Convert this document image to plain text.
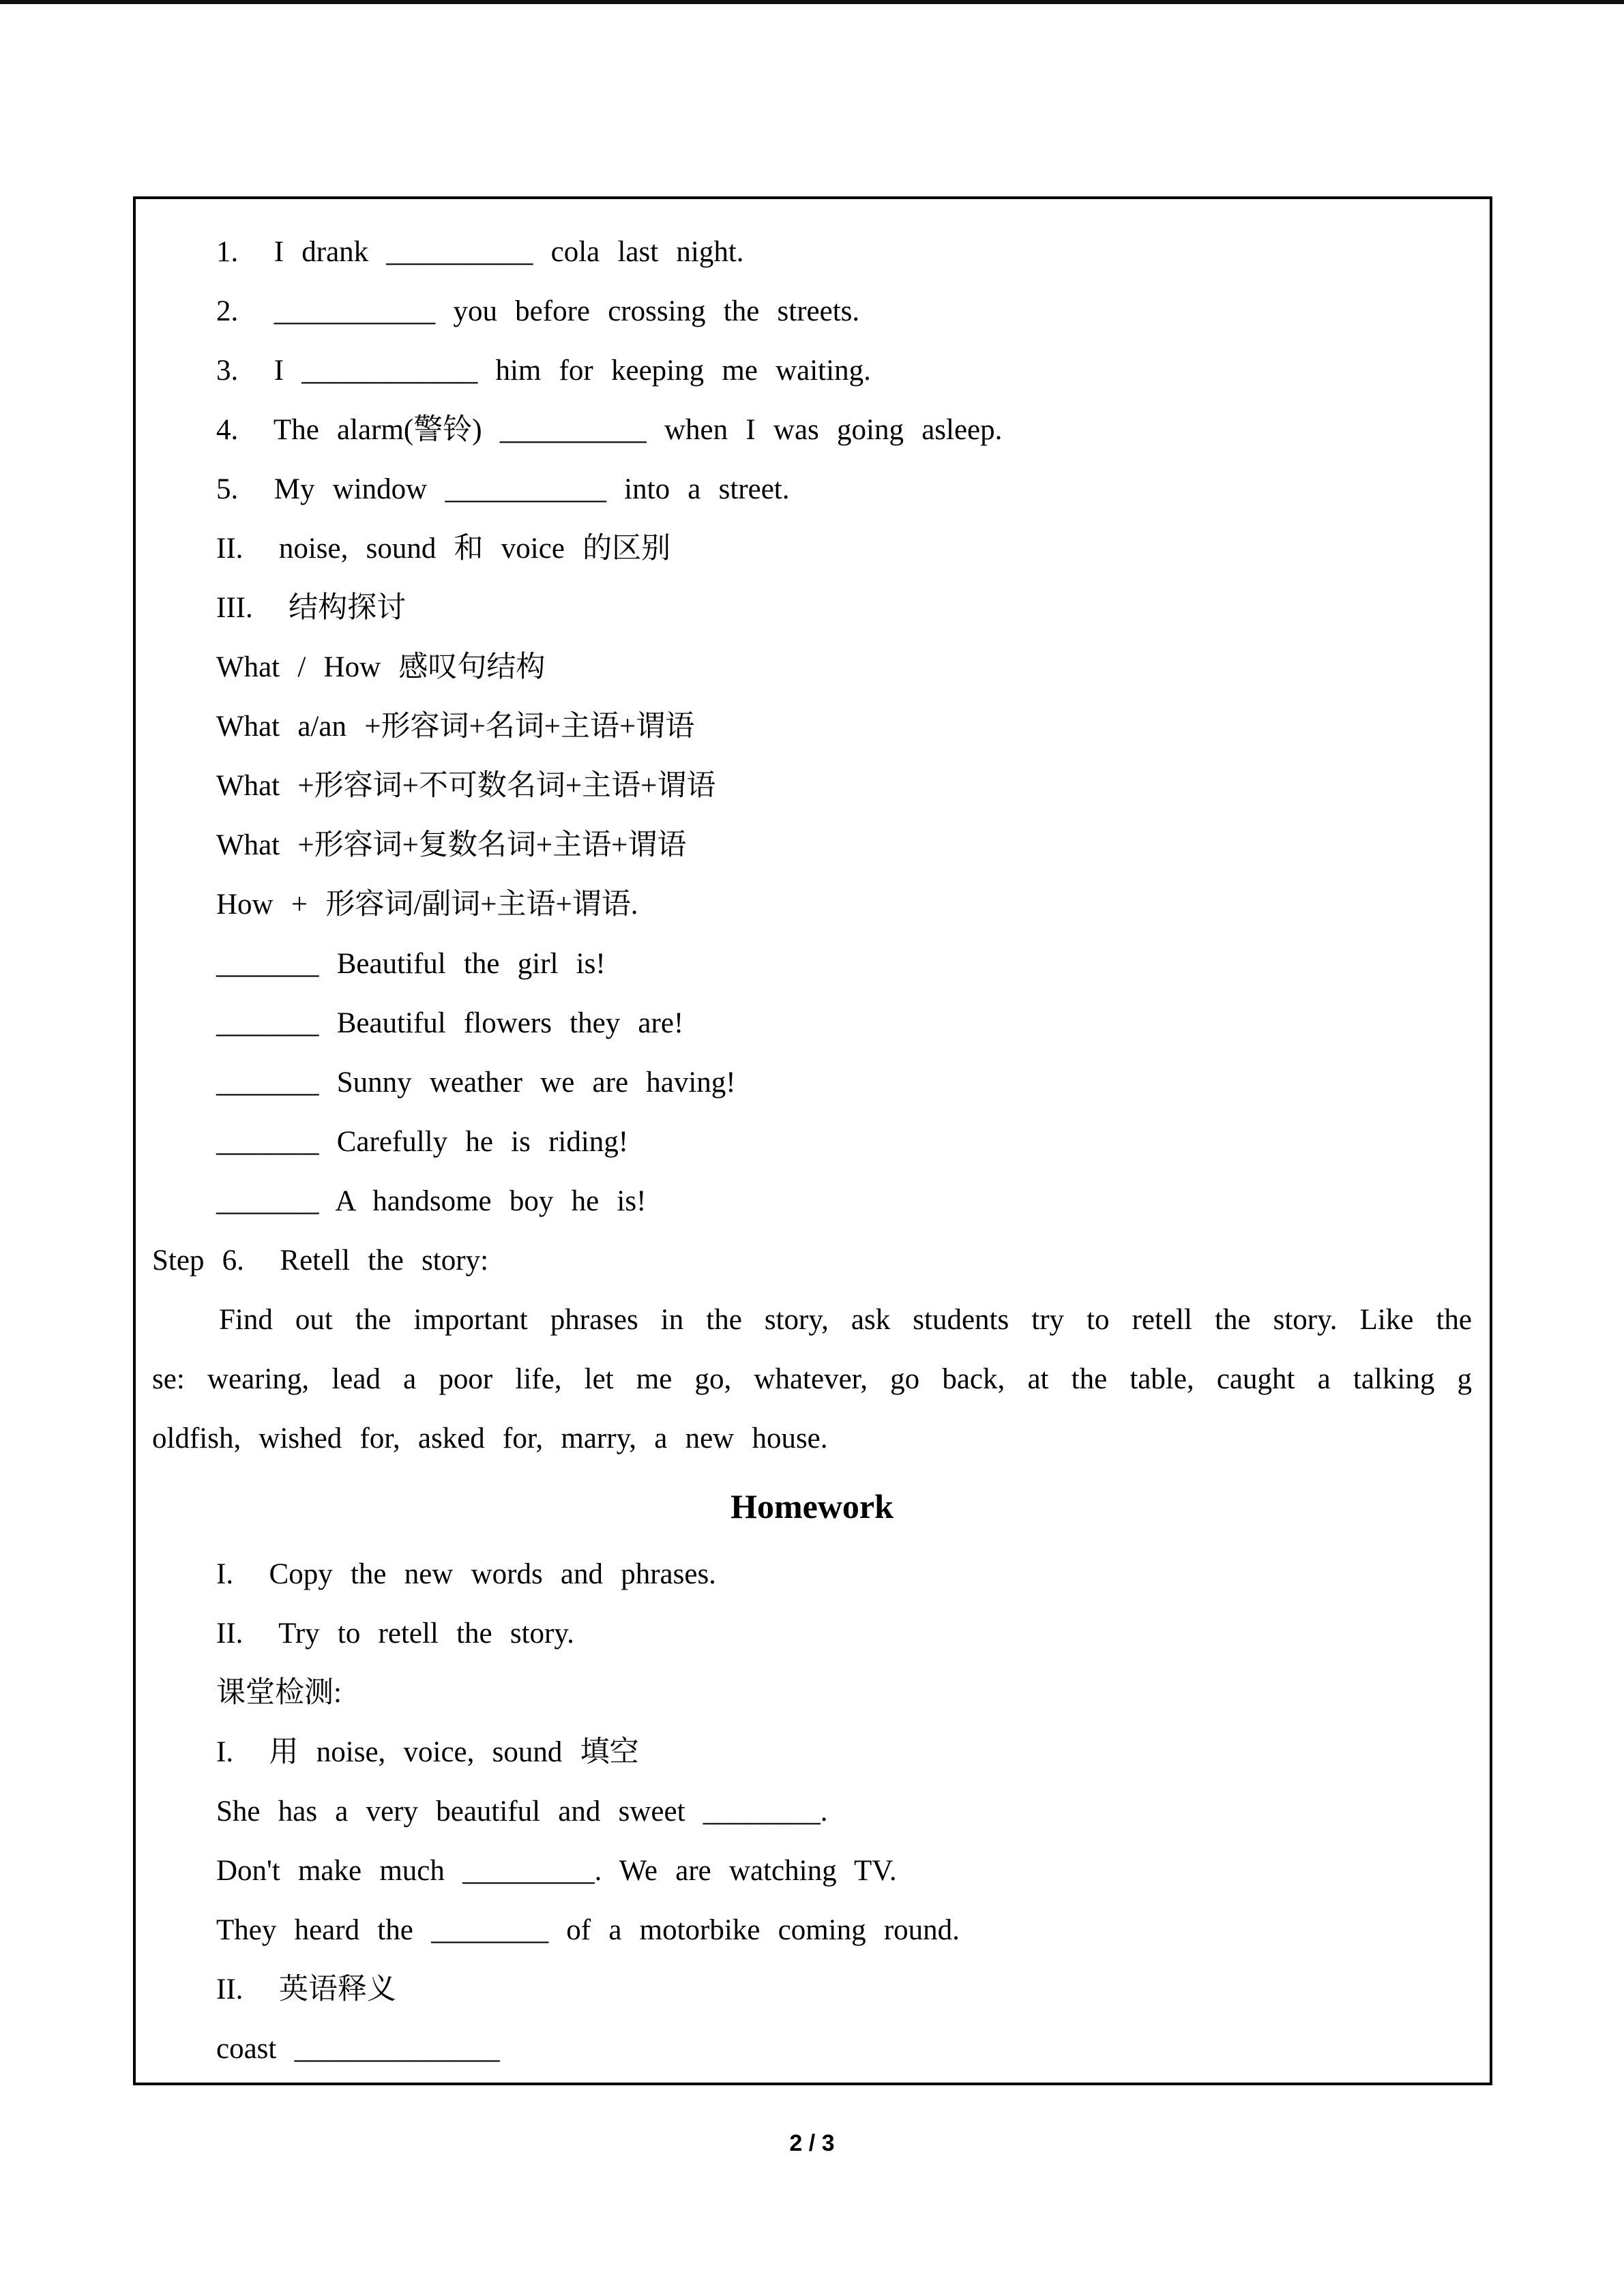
1.  I drank __________ cola last night.
2.  ___________ you before crossing the streets.
3.  I ____________ him for keeping me waiting.
4.  The alarm(警铃) __________ when I was going asleep.
5.  My window ___________ into a street.
II.  noise, sound 和 voice 的区别
III.  结构探讨
What / How 感叹句结构
What a/an +形容词+名词+主语+谓语
What +形容词+不可数名词+主语+谓语
What +形容词+复数名词+主语+谓语
How + 形容词/副词+主语+谓语.
_______ Beautiful the girl is!
_______ Beautiful flowers they are!
_______ Sunny weather we are having!
_______ Carefully he is riding!
_______ A handsome boy he is!
Step 6.  Retell the story:
Find out the important phrases in the story, ask students try to retell the story. Like the
se: wearing, lead a poor life, let me go, whatever, go back, at the table, caught a talking g
oldfish, wished for, asked for, marry, a new house.
Homework
I.  Copy the new words and phrases.
II.  Try to retell the story.
课堂检测:
I.  用 noise, voice, sound 填空
She has a very beautiful and sweet ________.
Don't make much _________. We are watching TV.
They heard the ________ of a motorbike coming round.
II.  英语释义
coast ______________
2 / 3
